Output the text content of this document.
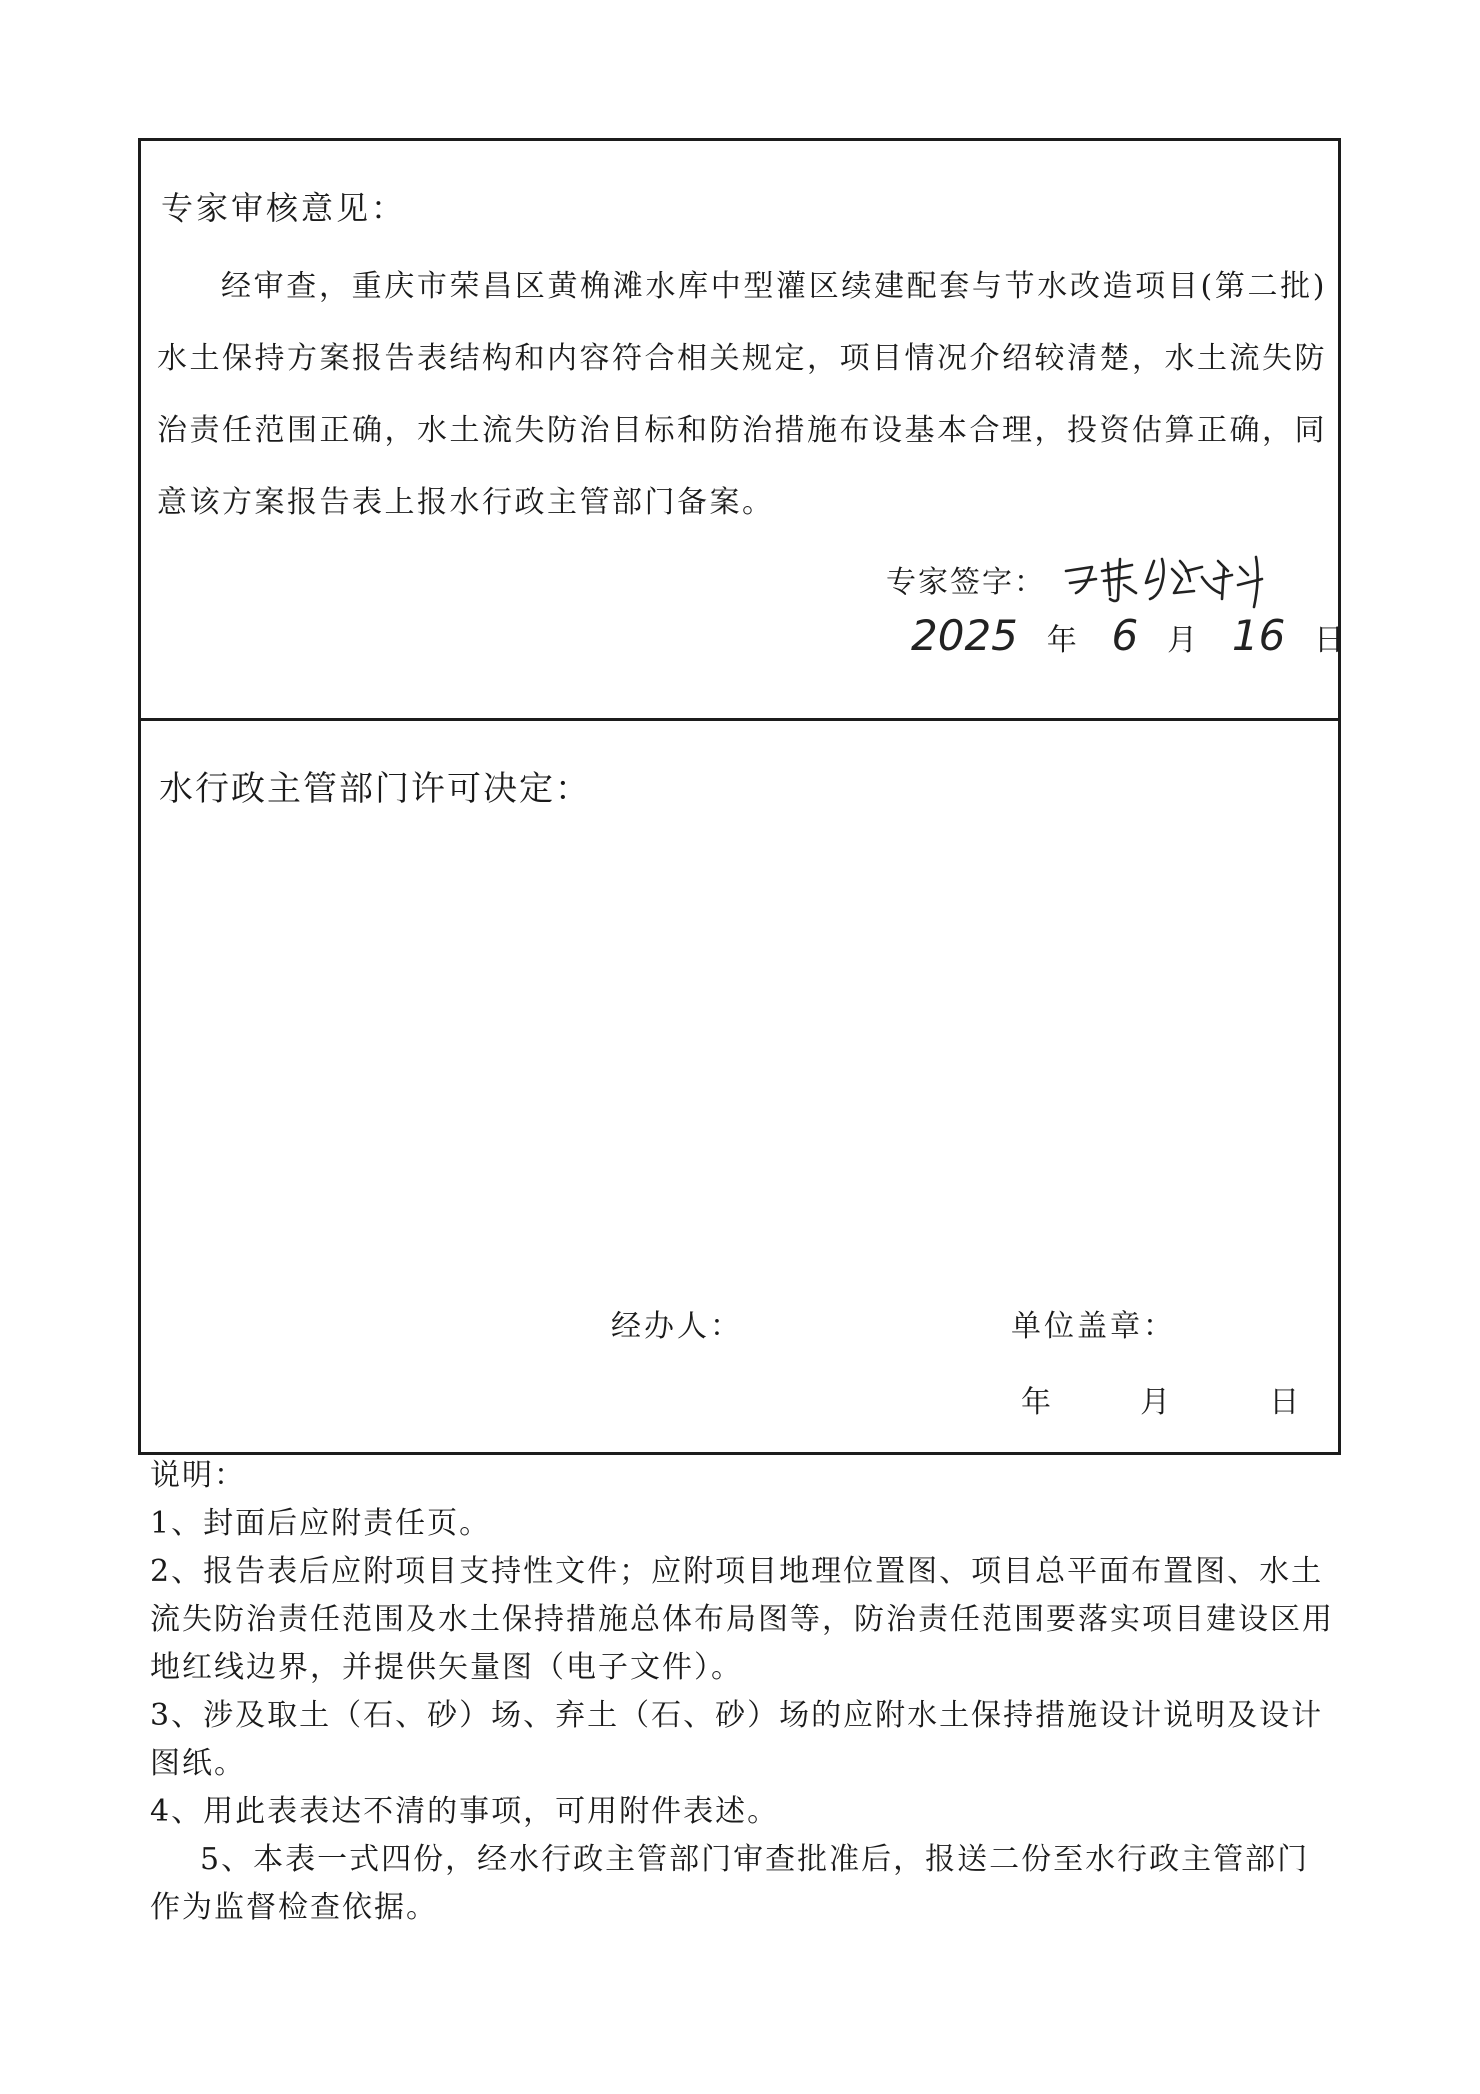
专家审核意见：
经审查，重庆市荣昌区黄桷滩水库中型灌区续建配套与节水改造项目(第二批)水土保持方案报告表结构和内容符合相关规定，项目情况介绍较清楚，水土流失防治责任范围正确，水土流失防治目标和防治措施布设基本合理，投资估算正确，同意该方案报告表上报水行政主管部门备案。
专家签字：
2025 年 6 月 16 日
水行政主管部门许可决定：
经办人：	单位盖章：
年	月	日

说明：

1、封面后应附责任页。

2、报告表后应附项目支持性文件；应附项目地理位置图、项目总平面布置图、水土流失防治责任范围及水土保持措施总体布局图等，防治责任范围要落实项目建设区用地红线边界，并提供矢量图（电子文件）。

3、涉及取土（石、砂）场、弃土（石、砂）场的应附水土保持措施设计说明及设计图纸。

4、用此表表达不清的事项，可用附件表述。

5、本表一式四份，经水行政主管部门审查批准后，报送二份至水行政主管部门作为监督检查依据。
